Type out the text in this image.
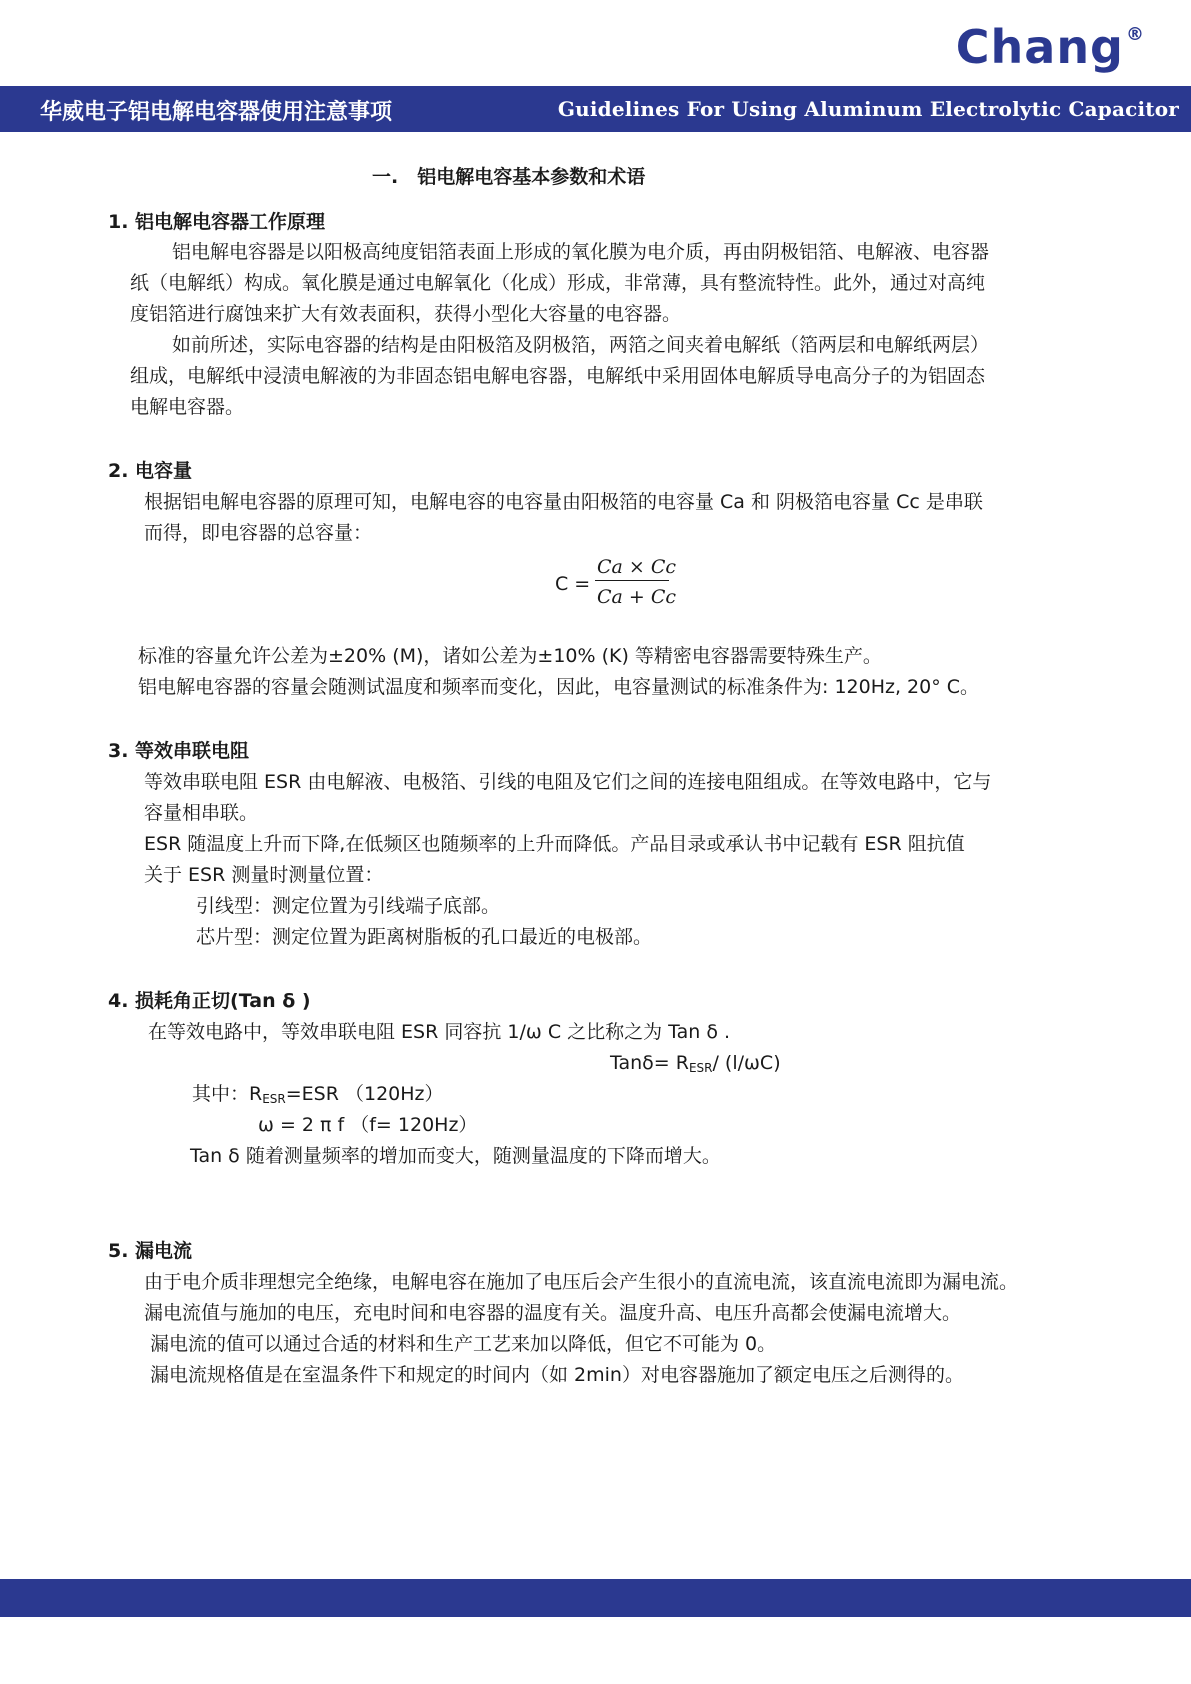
Chang ®
华威电子铝电解电容器使用注意事项	Guidelines For Using Aluminum Electrolytic Capacitor
一.　铝电解电容基本参数和术语
1. 铝电解电容器工作原理
铝电解电容器是以阳极高纯度铝箔表面上形成的氧化膜为电介质，再由阴极铝箔、电解液、电容器
纸（电解纸）构成。氧化膜是通过电解氧化（化成）形成，非常薄，具有整流特性。此外，通过对高纯
度铝箔进行腐蚀来扩大有效表面积，获得小型化大容量的电容器。
如前所述，实际电容器的结构是由阳极箔及阴极箔，两箔之间夹着电解纸（箔两层和电解纸两层）
组成，电解纸中浸渍电解液的为非固态铝电解电容器，电解纸中采用固体电解质导电高分子的为铝固态
电解电容器。
2. 电容量
根据铝电解电容器的原理可知，电解电容的电容量由阳极箔的电容量 Ca 和 阴极箔电容量 Cc 是串联
而得，即电容器的总容量：
C =
Ca × Cc
Ca + Cc
标准的容量允许公差为±20% (M)，诸如公差为±10% (K) 等精密电容器需要特殊生产。
铝电解电容器的容量会随测试温度和频率而变化，因此，电容量测试的标准条件为: 120Hz, 20° C。
3. 等效串联电阻
等效串联电阻 ESR 由电解液、电极箔、引线的电阻及它们之间的连接电阻组成。在等效电路中，它与
容量相串联。
ESR 随温度上升而下降,在低频区也随频率的上升而降低。产品目录或承认书中记载有 ESR 阻抗值
关于 ESR 测量时测量位置：
引线型：测定位置为引线端子底部。
芯片型：测定位置为距离树脂板的孔口最近的电极部。
4. 损耗角正切(Tan δ )
在等效电路中，等效串联电阻 ESR 同容抗 1/ω C 之比称之为 Tan δ .
$Tan\delta= R_{ESR}/$ (l/ωC)
其中：$R_{ESR}=ESR$ （120Hz）
ω = 2 π f （f= 120Hz）
Tan δ 随着测量频率的增加而变大，随测量温度的下降而增大。
5. 漏电流
由于电介质非理想完全绝缘，电解电容在施加了电压后会产生很小的直流电流，该直流电流即为漏电流。
漏电流值与施加的电压，充电时间和电容器的温度有关。温度升高、电压升高都会使漏电流增大。
漏电流的值可以通过合适的材料和生产工艺来加以降低，但它不可能为 0。
漏电流规格值是在室温条件下和规定的时间内（如 2min）对电容器施加了额定电压之后测得的。
